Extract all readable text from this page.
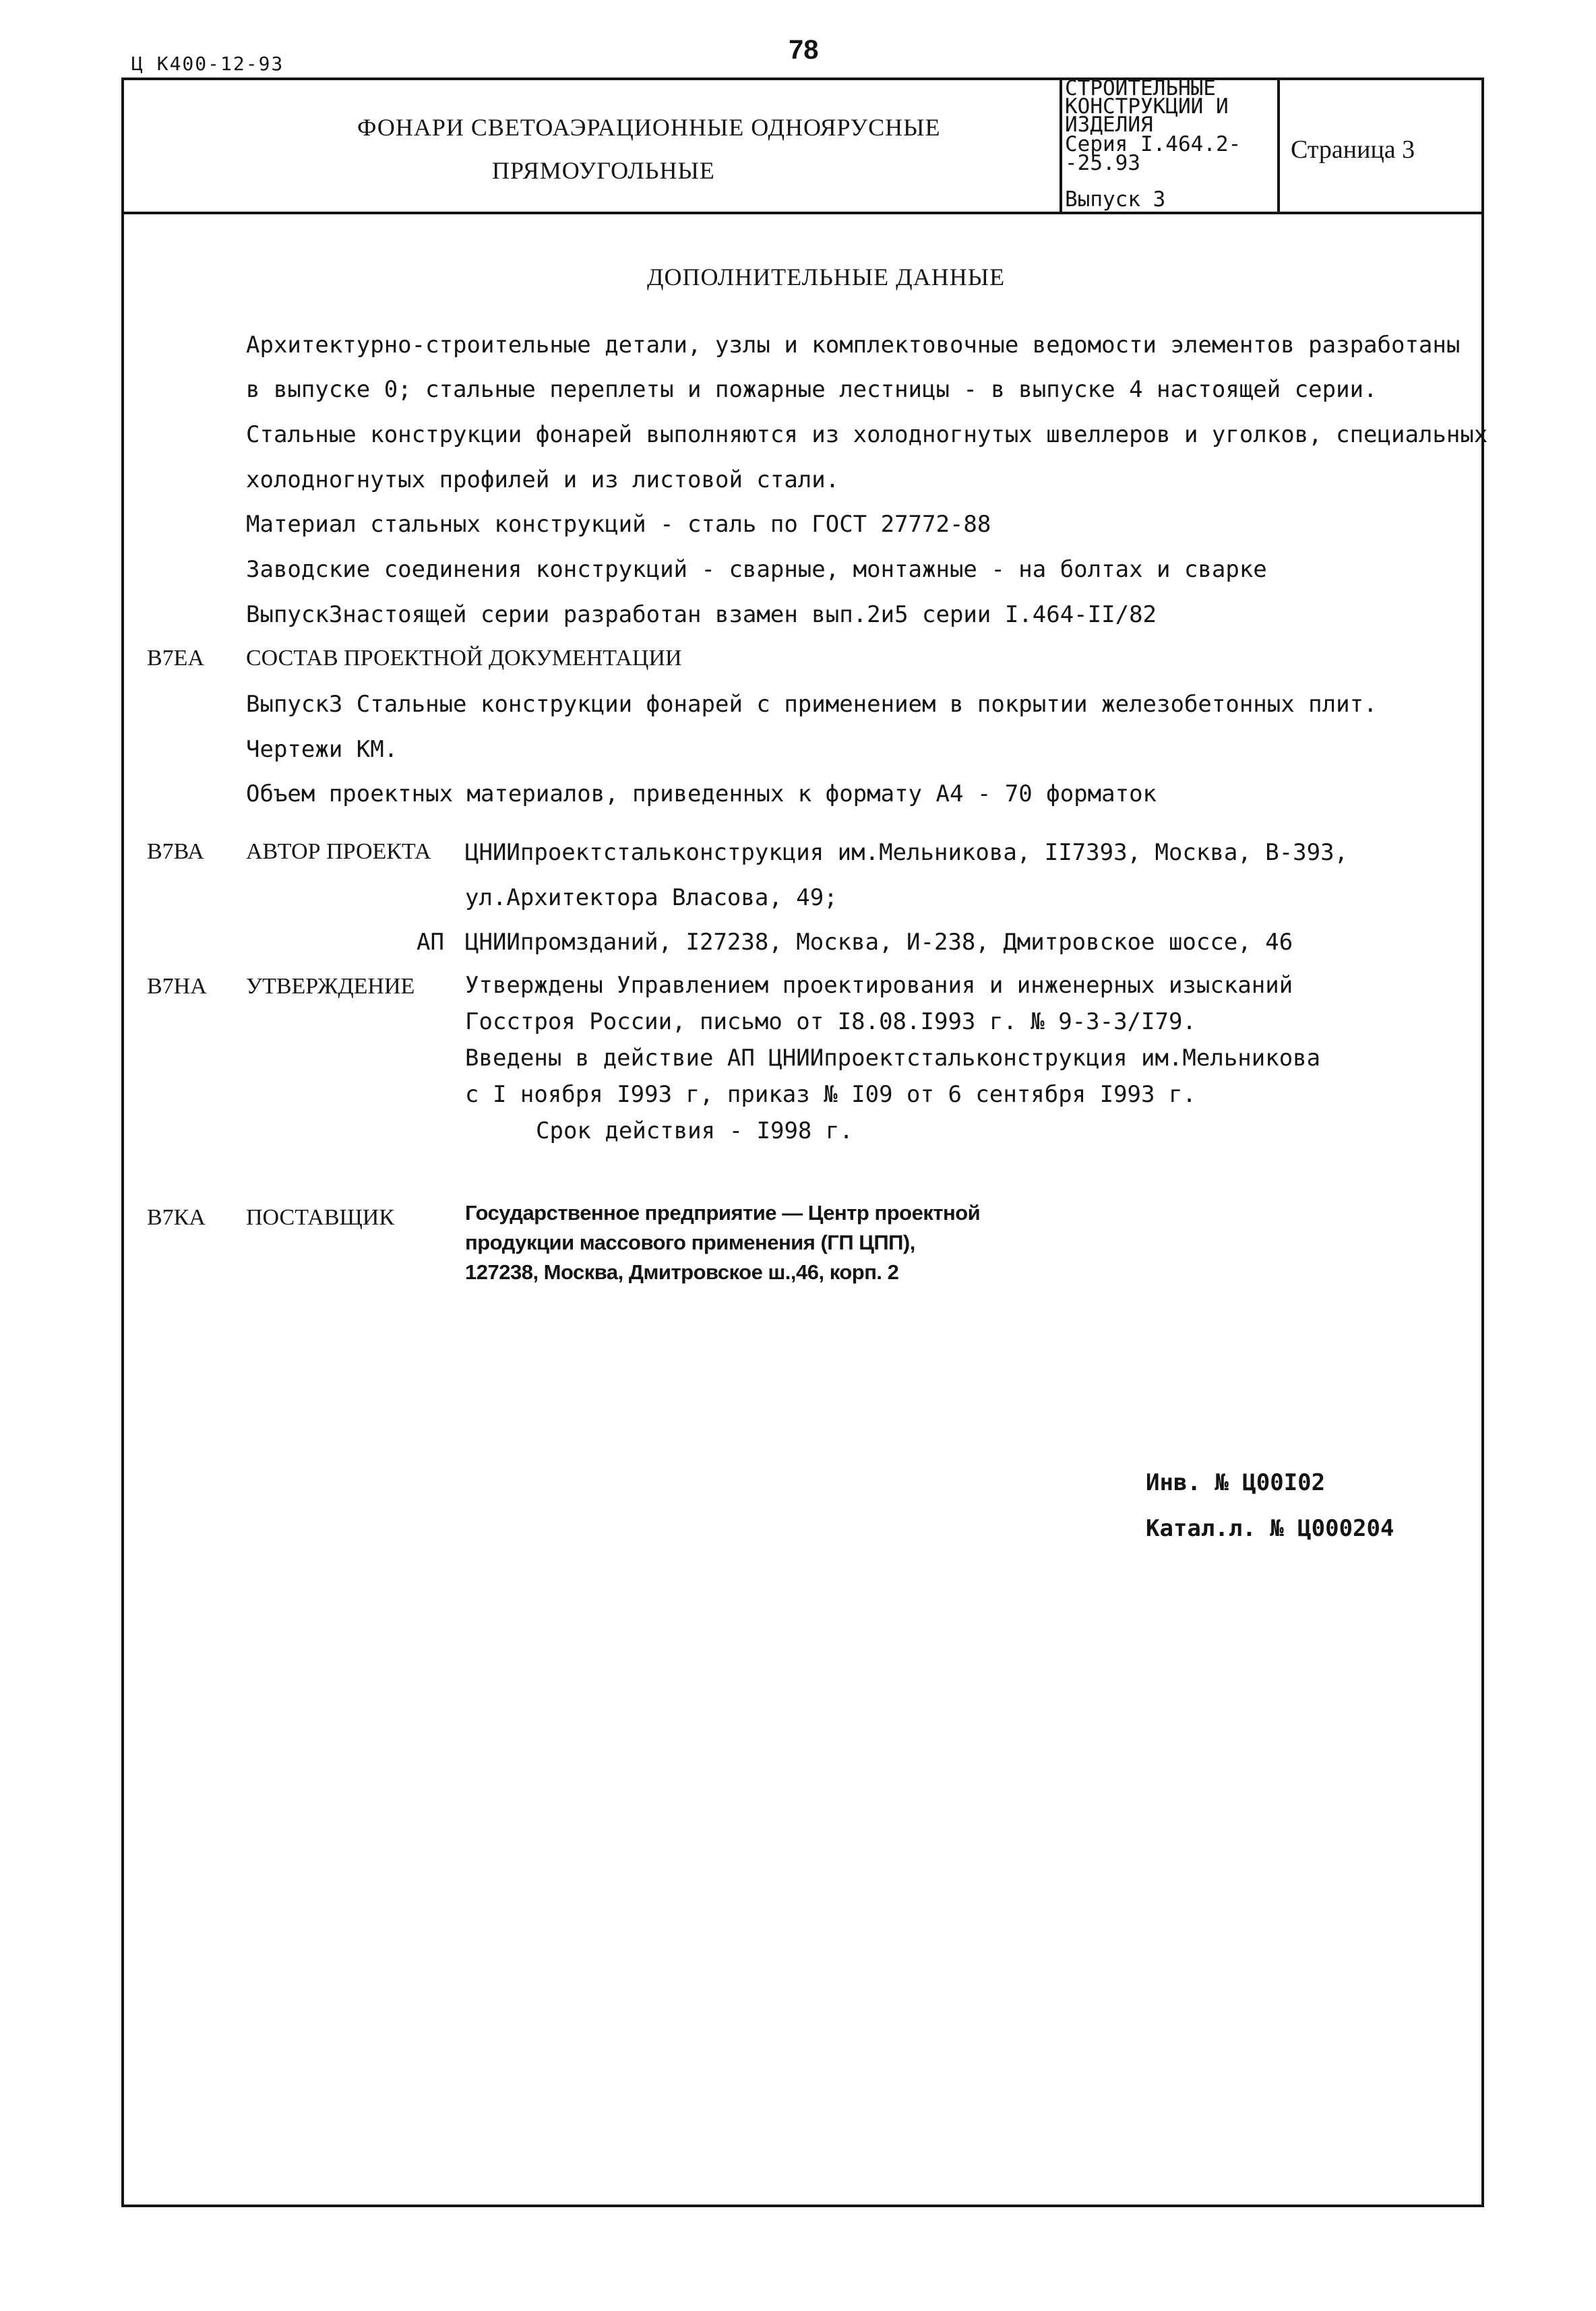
Ц К400-12-93	78
ФОНАРИ СВЕТОАЭРАЦИОННЫЕ ОДНОЯРУСНЫЕ
ПРЯМОУГОЛЬНЫЕ
СТРОИТЕЛЬНЫЕ
КОНСТРУКЦИИ И
ИЗДЕЛИЯ
Серия I.464.2-
-25.93
Выпуск 3
Страница 3
ДОПОЛНИТЕЛЬНЫЕ ДАННЫЕ
Архитектурно-строительные детали, узлы и комплектовочные ведомости элементов разработаны
в выпуске 0; стальные переплеты и пожарные лестницы - в выпуске 4 настоящей серии.
Стальные конструкции фонарей выполняются из холодногнутых швеллеров и уголков, специальных
холодногнутых профилей и из листовой стали.
Материал стальных конструкций - сталь по ГОСТ 27772-88
Заводские соединения конструкций - сварные, монтажные - на болтах и сварке
Выпуск3настоящей серии разработан взамен вып.2и5 серии I.464-II/82
В7ЕА СОСТАВ ПРОЕКТНОЙ ДОКУМЕНТАЦИИ
Выпуск3 Стальные конструкции фонарей с применением в покрытии железобетонных плит.
Чертежи КМ.
Объем проектных материалов, приведенных к формату А4 - 70 форматок
В7ВА АВТОР ПРОЕКТА ЦНИИпроектстальконструкция им.Мельникова, II7393, Москва, В-393,
ул.Архитектора Власова, 49;
АП ЦНИИпромзданий, I27238, Москва, И-238, Дмитровское шоссе, 46
В7НА УТВЕРЖДЕНИЕ Утверждены Управлением проектирования и инженерных изысканий
Госстроя России, письмо от I8.08.I993 г. № 9-3-3/I79.
Введены в действие АП ЦНИИпроектстальконструкция им.Мельникова
с I ноября I993 г, приказ № I09 от 6 сентября I993 г.
Срок действия - I998 г.
В7КА ПОСТАВЩИК	Государственное предприятие — Центр проектной
продукции массового применения (ГП ЦПП),
127238, Москва, Дмитровское ш.,46, корп. 2
Инв. № Ц00I02
Катал.л. № Ц000204
